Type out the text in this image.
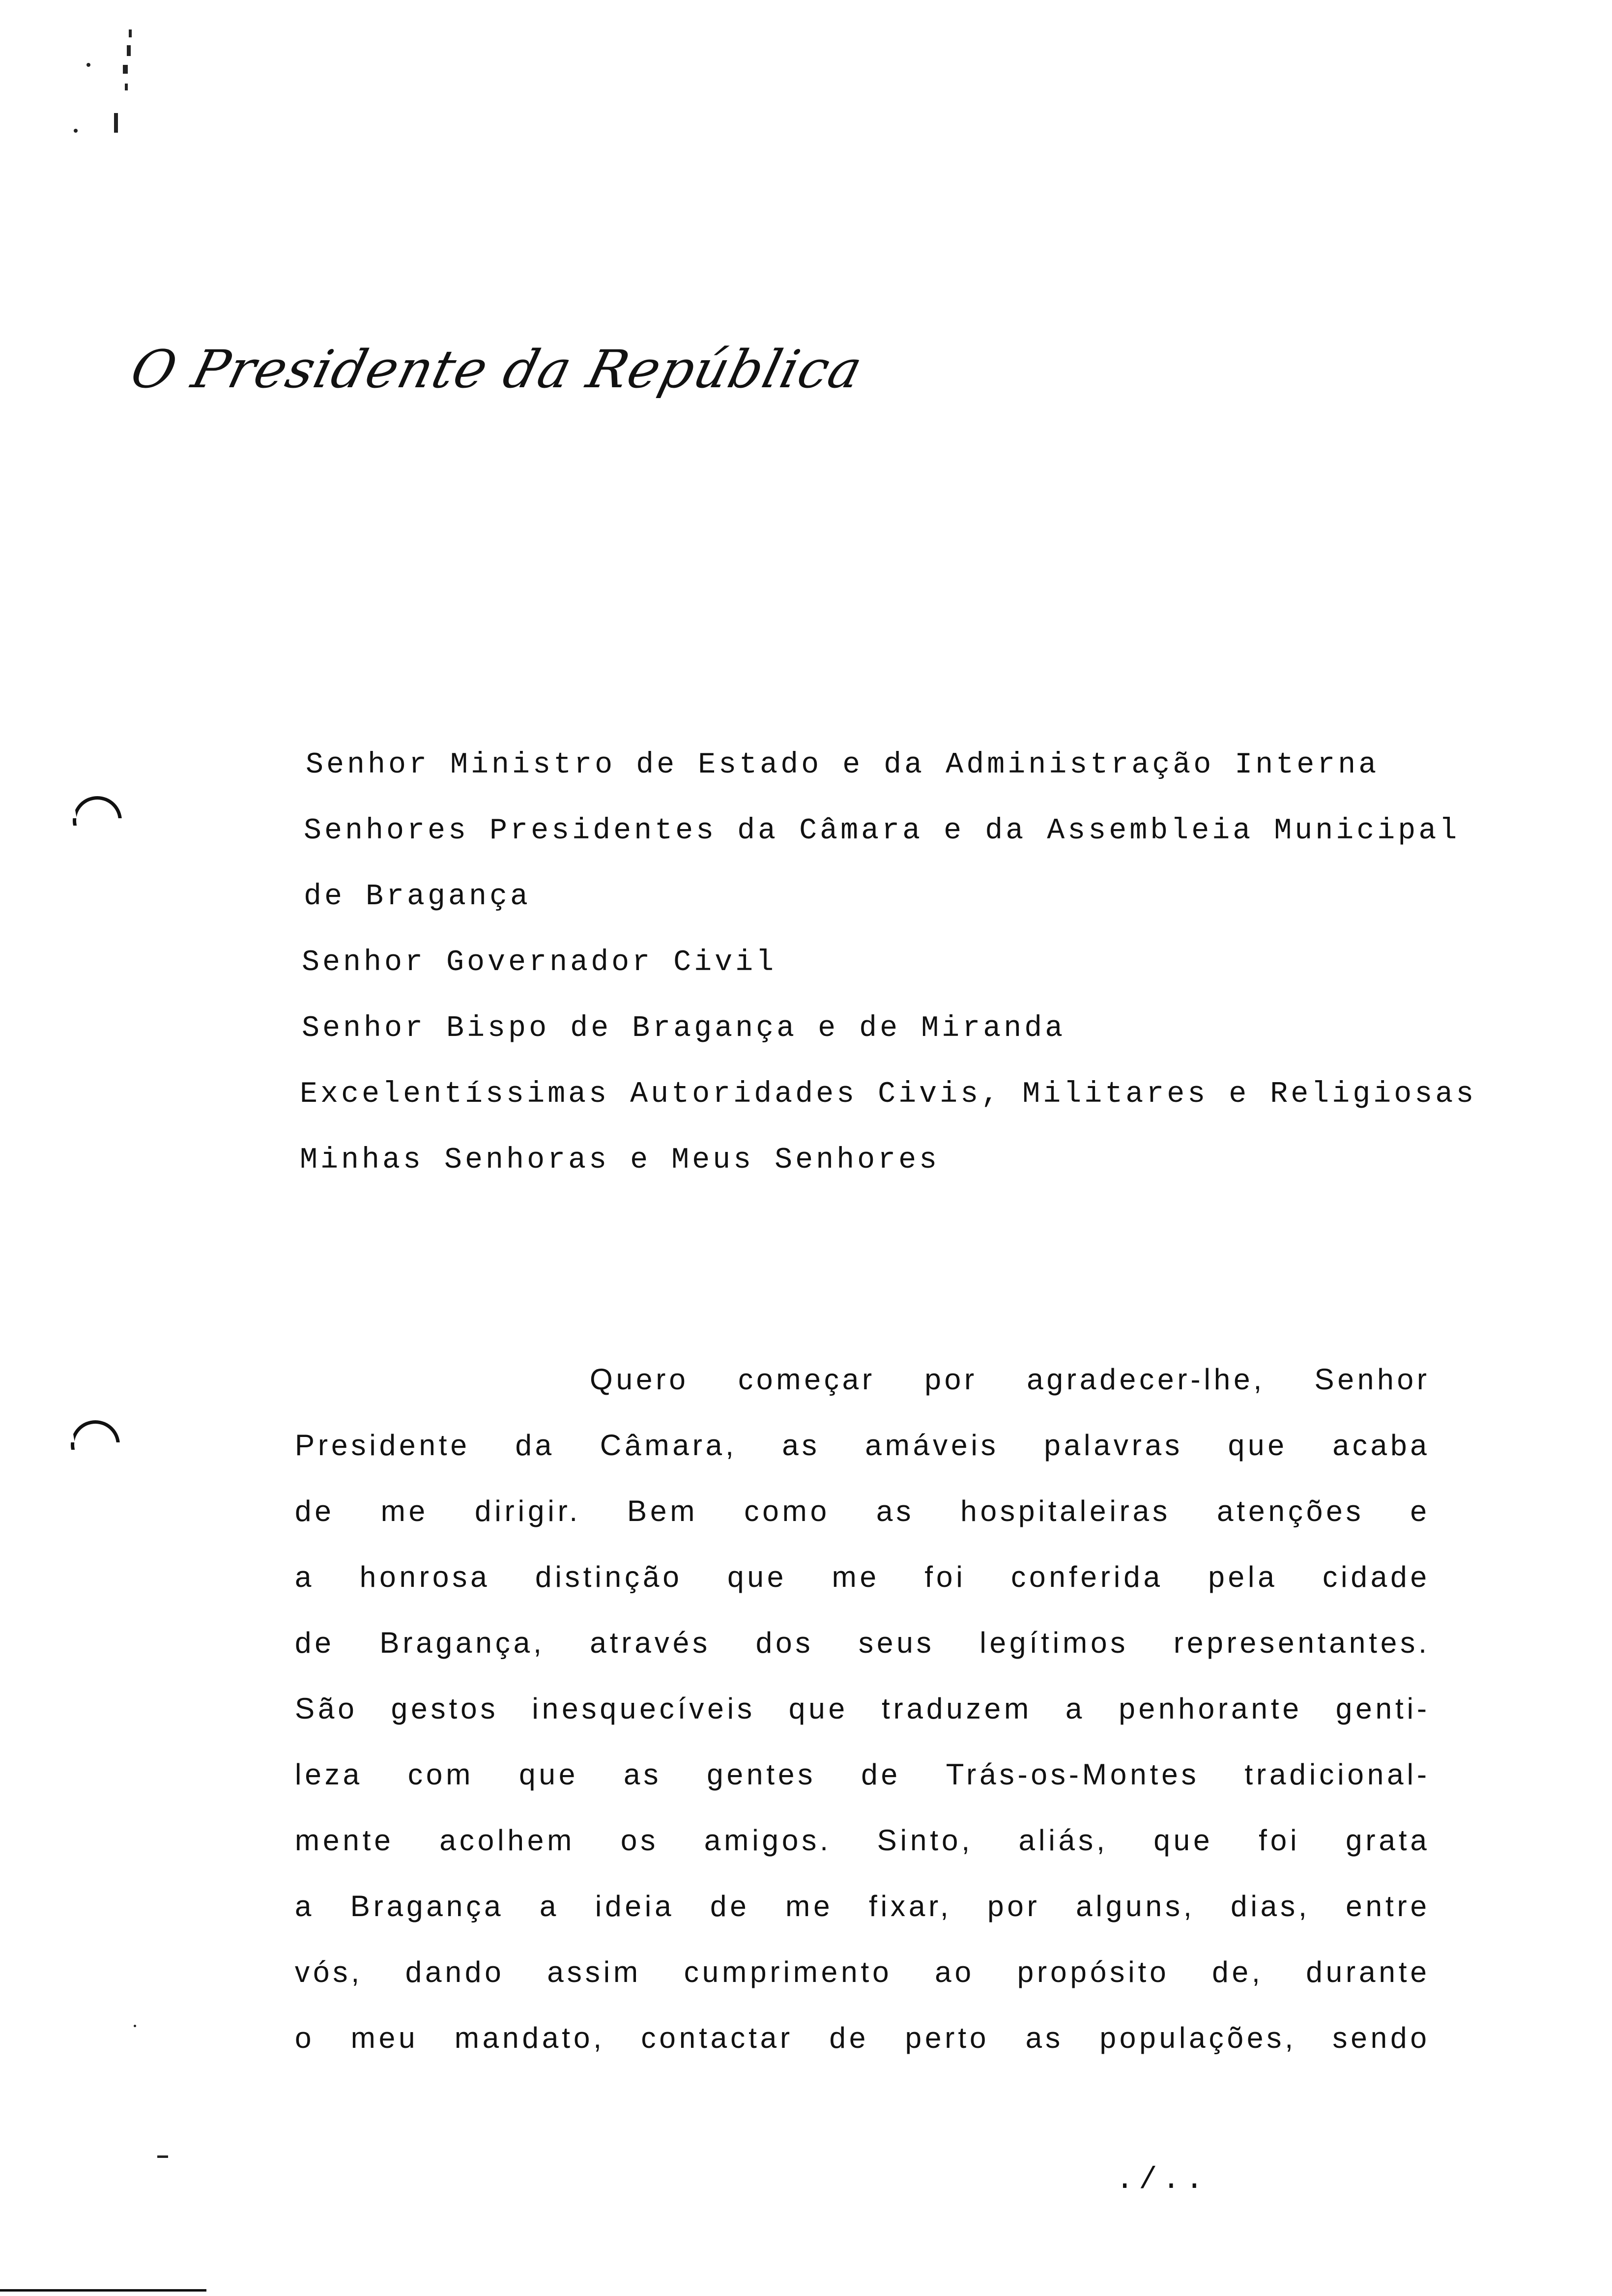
O Presidente da República
Senhor Ministro de Estado e da Administração Interna
Senhores Presidentes da Câmara e da Assembleia Municipal
de Bragança
Senhor Governador Civil
Senhor Bispo de Bragança e de Miranda
Excelentíssimas Autoridades Civis, Militares e Religiosas
Minhas Senhoras e Meus Senhores
Quero começar por agradecer-lhe, Senhor
Presidente da Câmara, as amáveis palavras que acaba
de me dirigir. Bem como as hospitaleiras atenções e
a honrosa distinção que me foi conferida pela cidade
de Bragança, através dos seus legítimos representantes.
São gestos inesquecíveis que traduzem a penhorante genti-
leza com que as gentes de Trás-os-Montes tradicional-
mente acolhem os amigos. Sinto, aliás, que foi grata
a Bragança a ideia de me fixar, por alguns, dias, entre
vós, dando assim cumprimento ao propósito de, durante
o meu mandato, contactar de perto as populações, sendo
./..
